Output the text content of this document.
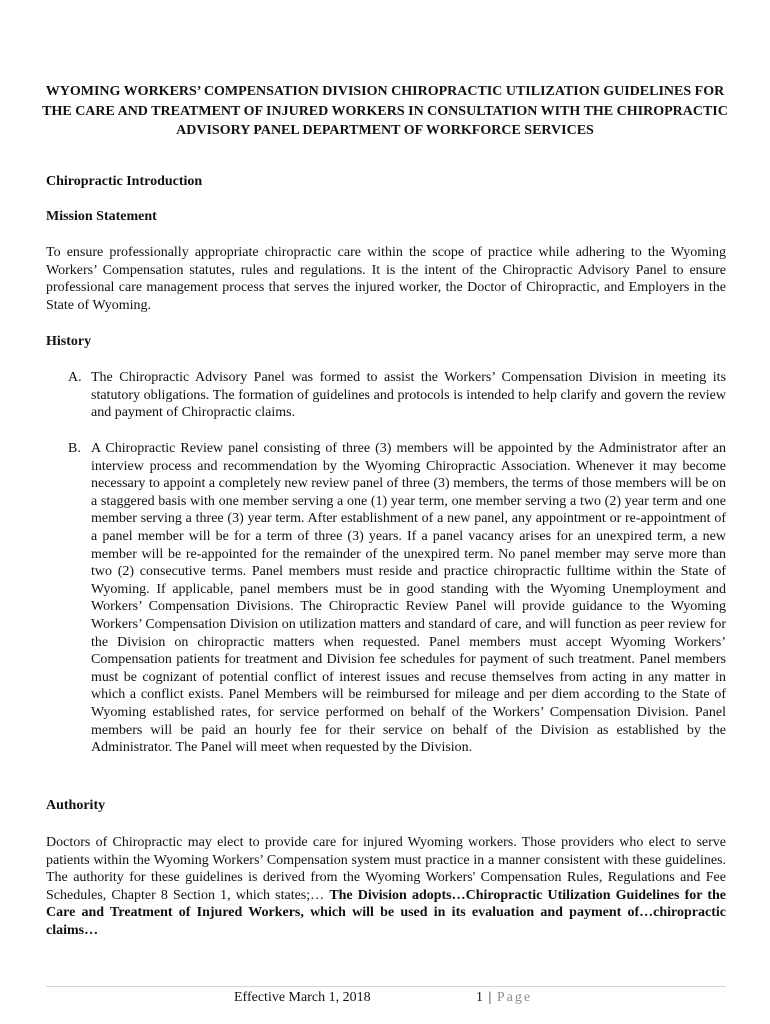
WYOMING WORKERS’ COMPENSATION DIVISION CHIROPRACTIC UTILIZATION GUIDELINES FOR THE CARE AND TREATMENT OF INJURED WORKERS IN CONSULTATION WITH THE CHIROPRACTIC ADVISORY PANEL DEPARTMENT OF WORKFORCE SERVICES

Chiropractic Introduction

Mission Statement

To ensure professionally appropriate chiropractic care within the scope of practice while adhering to the Wyoming Workers’ Compensation statutes, rules and regulations. It is the intent of the Chiropractic Advisory Panel to ensure professional care management process that serves the injured worker, the Doctor of Chiropractic, and Employers in the State of Wyoming.

History

A. The Chiropractic Advisory Panel was formed to assist the Workers’ Compensation Division in meeting its statutory obligations. The formation of guidelines and protocols is intended to help clarify and govern the review and payment of Chiropractic claims.
B. A Chiropractic Review panel consisting of three (3) members will be appointed by the Administrator after an interview process and recommendation by the Wyoming Chiropractic Association. Whenever it may become necessary to appoint a completely new review panel of three (3) members, the terms of those members will be on a staggered basis with one member serving a one (1) year term, one member serving a two (2) year term and one member serving a three (3) year term. After establishment of a new panel, any appointment or re-appointment of a panel member will be for a term of three (3) years. If a panel vacancy arises for an unexpired term, a new member will be re-appointed for the remainder of the unexpired term. No panel member may serve more than two (2) consecutive terms. Panel members must reside and practice chiropractic fulltime within the State of Wyoming. If applicable, panel members must be in good standing with the Wyoming Unemployment and Workers’ Compensation Divisions. The Chiropractic Review Panel will provide guidance to the Wyoming Workers’ Compensation Division on utilization matters and standard of care, and will function as peer review for the Division on chiropractic matters when requested. Panel members must accept Wyoming Workers’ Compensation patients for treatment and Division fee schedules for payment of such treatment. Panel members must be cognizant of potential conflict of interest issues and recuse themselves from acting in any matter in which a conflict exists. Panel Members will be reimbursed for mileage and per diem according to the State of Wyoming established rates, for service performed on behalf of the Workers’ Compensation Division. Panel members will be paid an hourly fee for their service on behalf of the Division as established by the Administrator. The Panel will meet when requested by the Division.

Authority

Doctors of Chiropractic may elect to provide care for injured Wyoming workers. Those providers who elect to serve patients within the Wyoming Workers’ Compensation system must practice in a manner consistent with these guidelines. The authority for these guidelines is derived from the Wyoming Workers' Compensation Rules, Regulations and Fee Schedules, Chapter 8 Section 1, which states;… The Division adopts…Chiropractic Utilization Guidelines for the Care and Treatment of Injured Workers, which will be used in its evaluation and payment of…chiropractic claims…

Effective March 1, 2018	1 | Page
